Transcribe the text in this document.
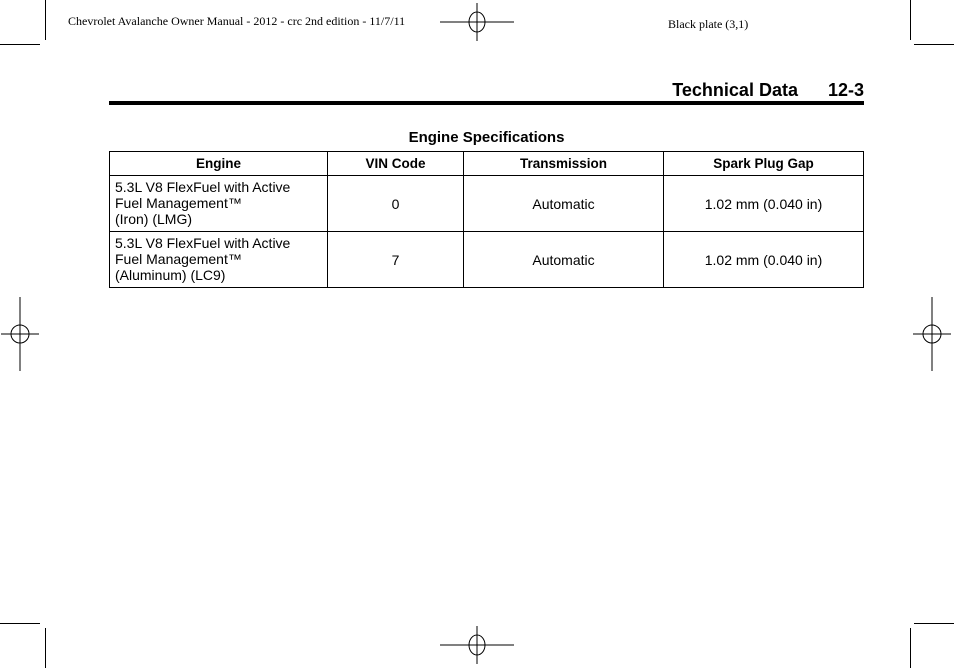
Chevrolet Avalanche Owner Manual - 2012 - crc 2nd edition - 11/7/11	Black plate (3,1)
Technical Data 12-3
Engine Specifications
Engine	VIN Code	Transmission	Spark Plug Gap

5.3L V8 FlexFuel with Active
Fuel Management™
(Iron) (LMG)	0	Automatic	1.02 mm (0.040 in)

5.3L V8 FlexFuel with Active
Fuel Management™
(Aluminum) (LC9)	7	Automatic	1.02 mm (0.040 in)
